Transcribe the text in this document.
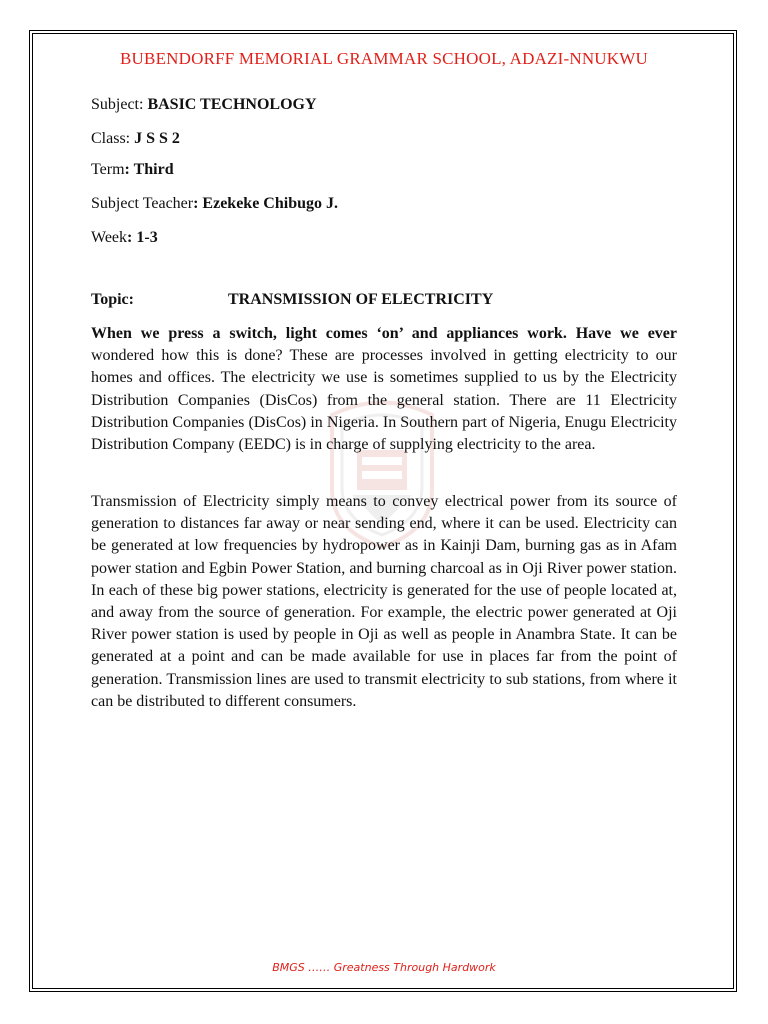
BUBENDORFF MEMORIAL GRAMMAR SCHOOL, ADAZI-NNUKWU
Subject: BASIC TECHNOLOGY
Class: J S S 2
Term: Third
Subject Teacher: Ezekeke Chibugo J.
Week: 1-3
Topic:	TRANSMISSION OF ELECTRICITY

When we press a switch, light comes ‘on’ and appliances work. Have we ever wondered how this is done? These are processes involved in getting electricity to our homes and offices. The electricity we use is sometimes supplied to us by the Electricity Distribution Companies (DisCos) from the general station. There are 11 Electricity Distribution Companies (DisCos) in Nigeria. In Southern part of Nigeria, Enugu Electricity Distribution Company (EEDC) is in charge of supplying electricity to the area.

Transmission of Electricity simply means to convey electrical power from its source of generation to distances far away or near sending end, where it can be used. Electricity can be generated at low frequencies by hydropower as in Kainji Dam, burning gas as in Afam power station and Egbin Power Station, and burning charcoal as in Oji River power station. In each of these big power stations, electricity is generated for the use of people located at, and away from the source of generation. For example, the electric power generated at Oji River power station is used by people in Oji as well as people in Anambra State. It can be generated at a point and can be made available for use in places far from the point of generation. Transmission lines are used to transmit electricity to sub stations, from where it can be distributed to different consumers.

BMGS …… Greatness Through Hardwork
